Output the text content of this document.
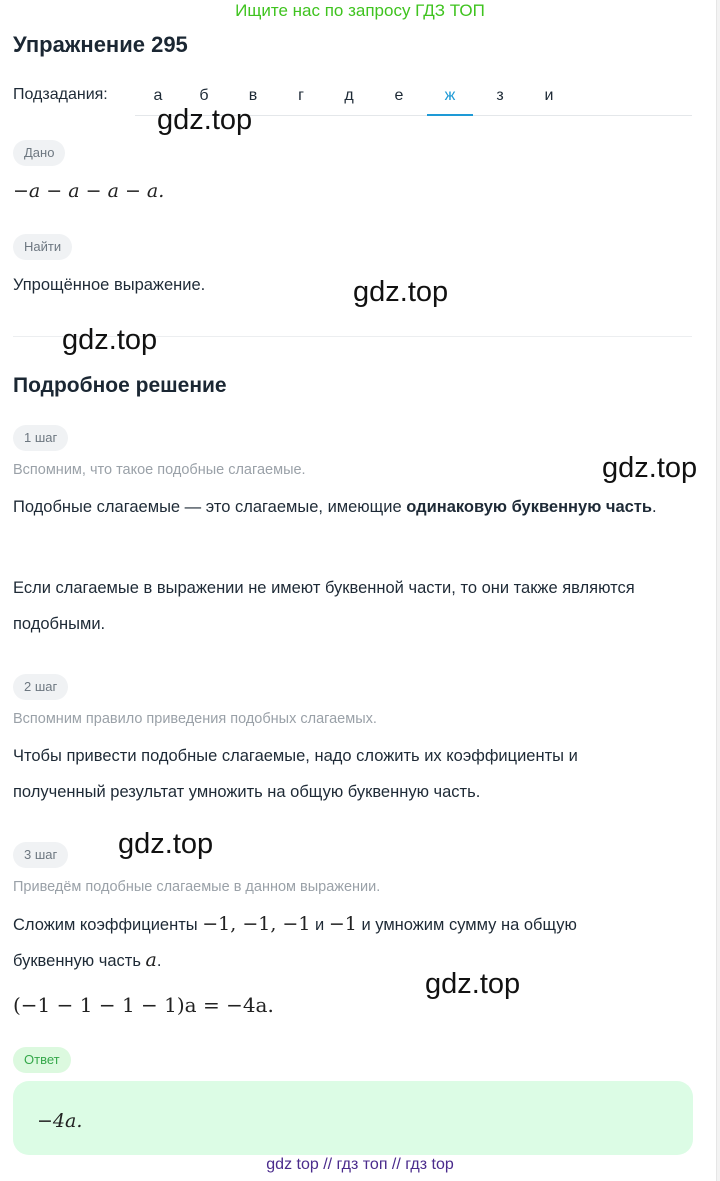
Ищите нас по запросу ГДЗ ТОП
Упражнение 295
Подзадания:	а	б	в	г	д	е	ж	з	и
Дано
−a − a − a − a.
Найти
Упрощённое выражение.
Подробное решение
1 шаг
Вспомним, что такое подобные слагаемые.
Подобные слагаемые — это слагаемые, имеющие одинаковую буквенную часть.
Если слагаемые в выражении не имеют буквенной части, то они также являются подобными.
2 шаг
Вспомним правило приведения подобных слагаемых.
Чтобы привести подобные слагаемые, надо сложить их коэффициенты и полученный результат умножить на общую буквенную часть.
3 шаг
Приведём подобные слагаемые в данном выражении.
Сложим коэффициенты −1, −1, −1 и −1 и умножим сумму на общую
буквенную часть a.
(−1 − 1 − 1 − 1)a = −4a.
Ответ
−4a.
gdz.top
gdz.top
gdz.top
gdz.top
gdz.top
gdz.top
gdz top // гдз топ // гдз top
